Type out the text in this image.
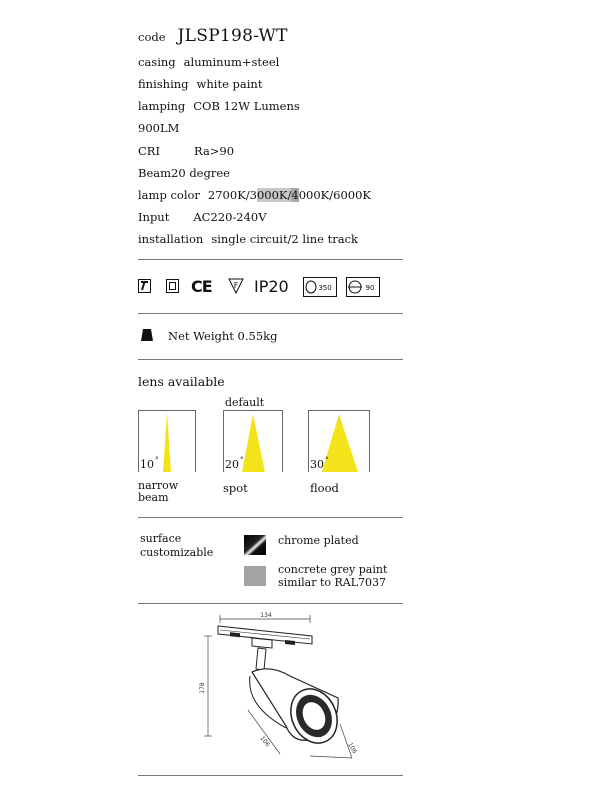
code JLSP198-WT
casing aluminum+steel
finishing white paint
lamping COB 12W Lumens
900LM
CRI	Ra>90
Beam20 degree
lamp color 2700K/3000K/4000K/6000K
Input AC220-240V
installation single circuit/2 line track
CE	F IP20	350	90
Net Weight 0.55kg
lens available
default
10 °	20 °	30 °
narrow
beam
spot	flood
surface
customizable
chrome plated
concrete grey paint
similar to RAL7037
134
178
106	106
